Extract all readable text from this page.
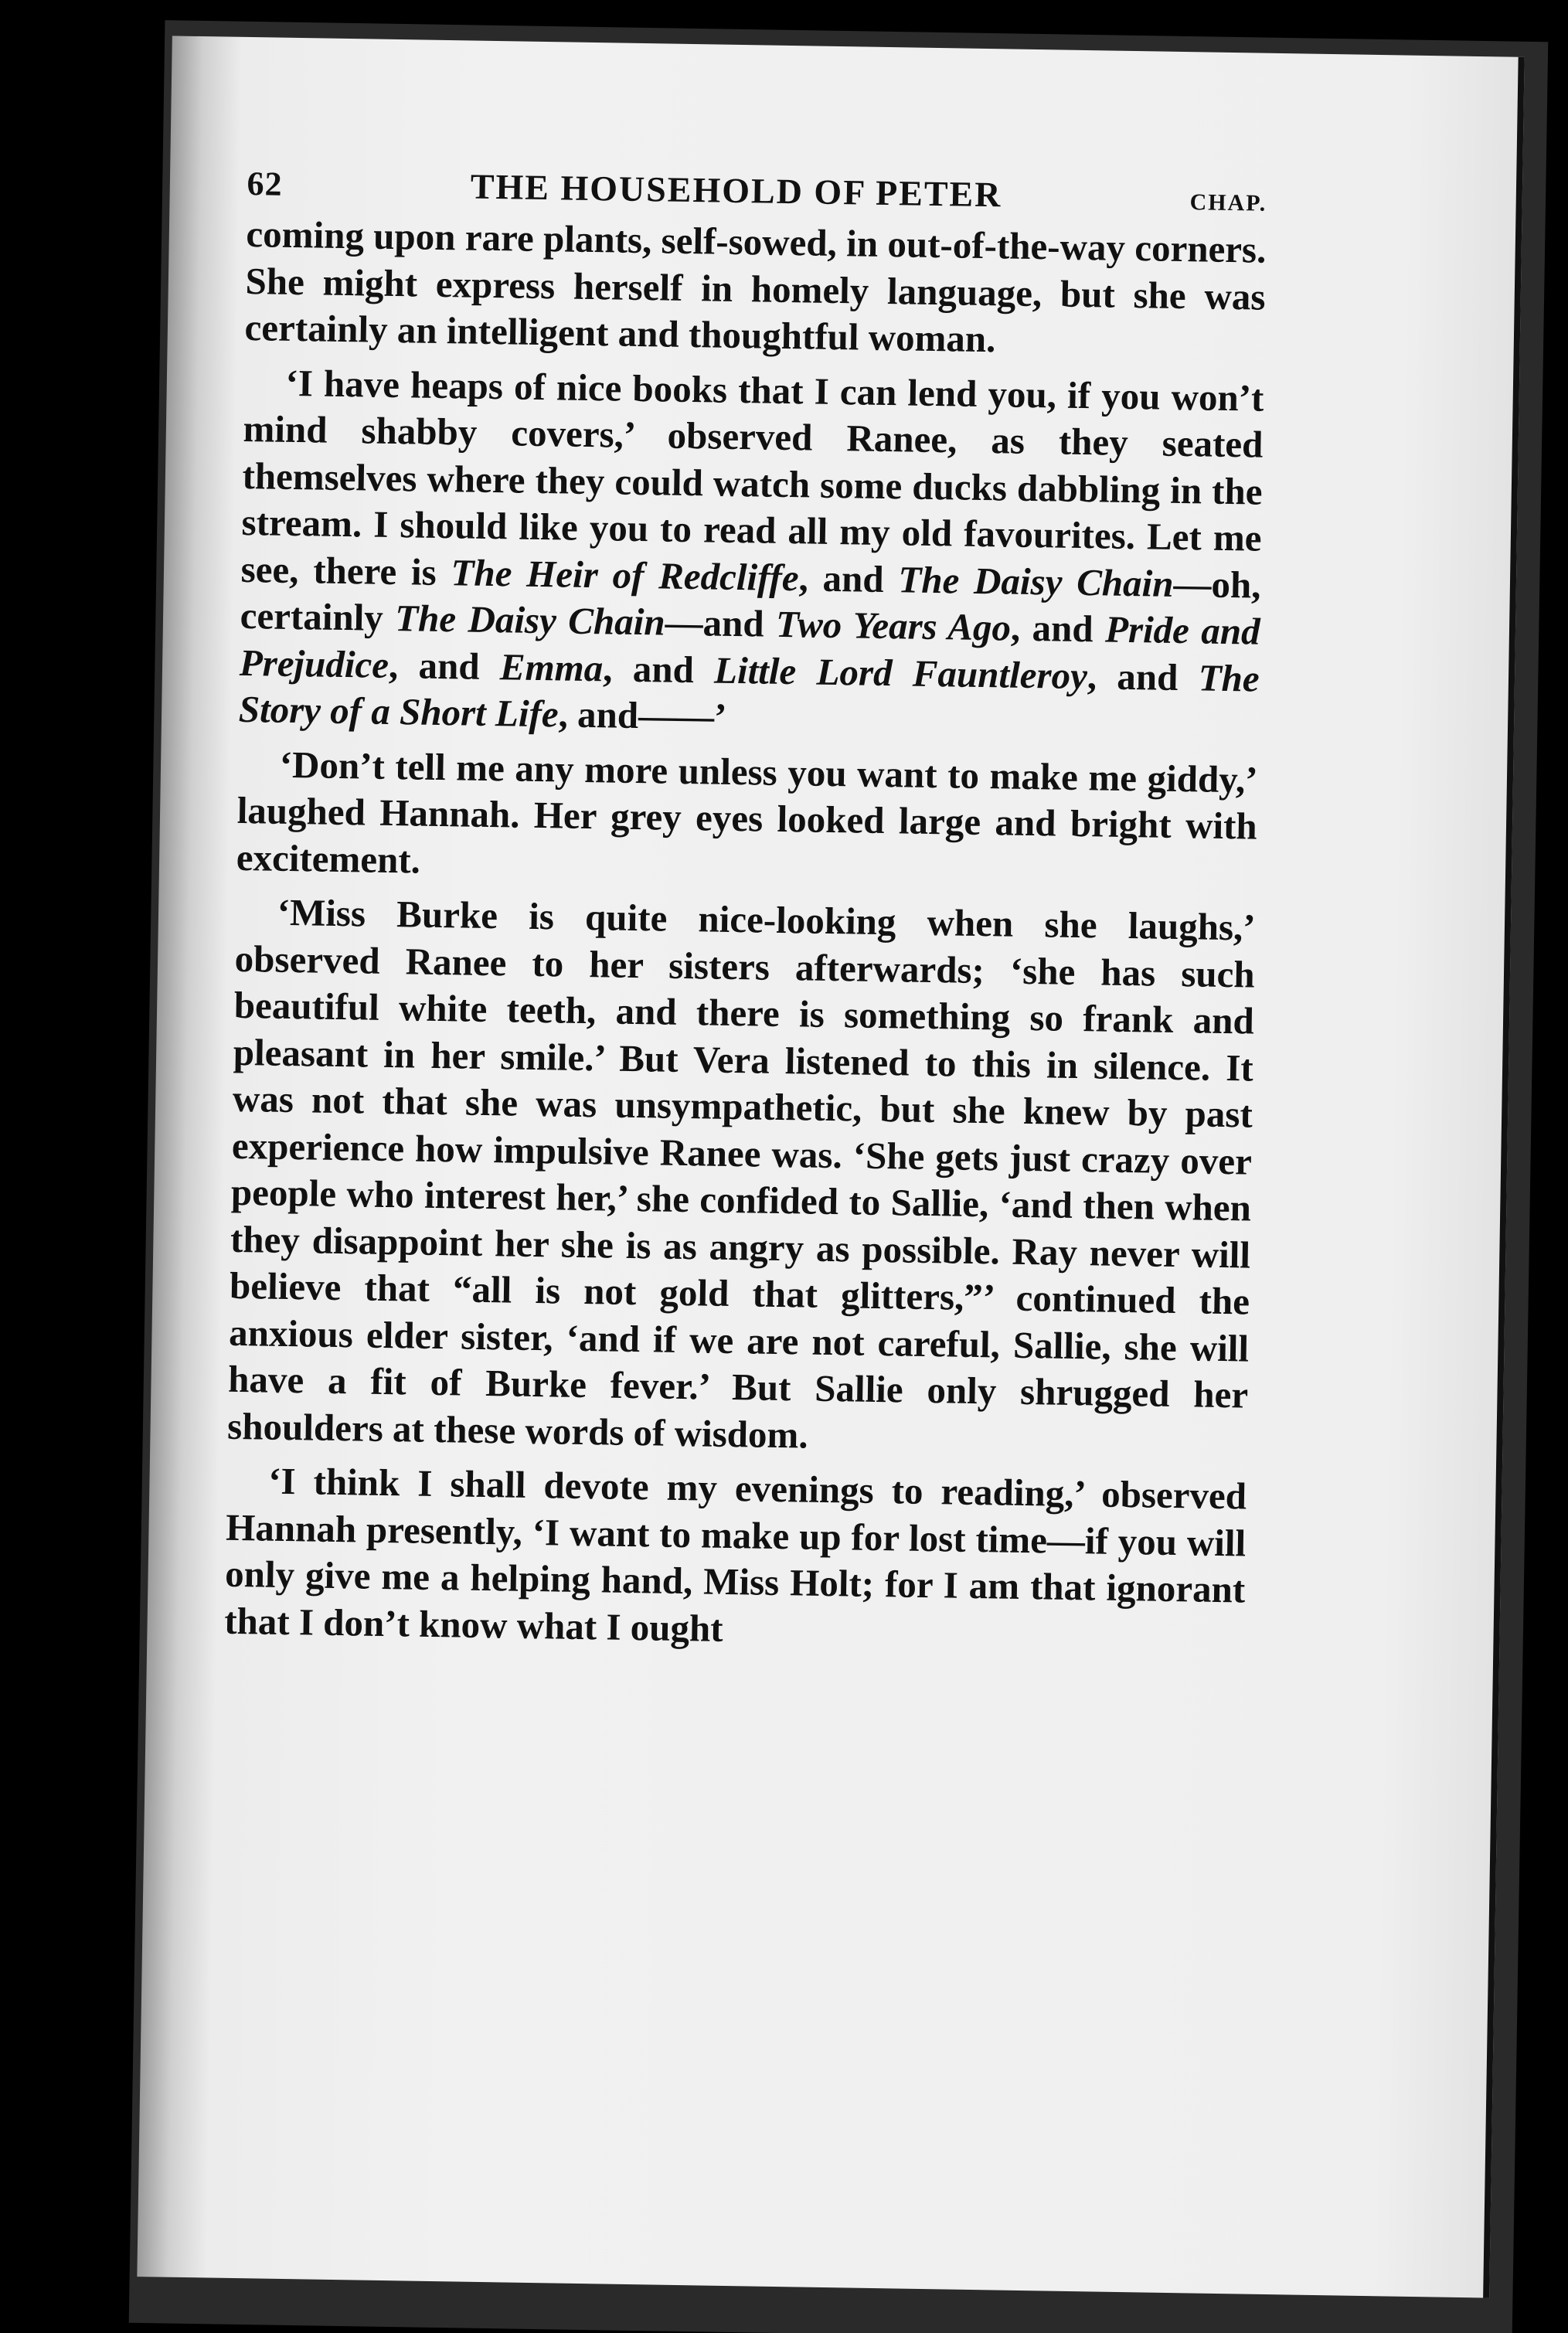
62	THE HOUSEHOLD OF PETER	CHAP.

coming upon rare plants, self-sowed, in out-of-the-way corners. She might express herself in homely language, but she was certainly an intelligent and thoughtful woman.

‘I have heaps of nice books that I can lend you, if you won’t mind shabby covers,’ observed Ranee, as they seated themselves where they could watch some ducks dabbling in the stream. I should like you to read all my old favourites. Let me see, there is The Heir of Redcliffe, and The Daisy Chain—oh, certainly The Daisy Chain—and Two Years Ago, and Pride and Prejudice, and Emma, and Little Lord Fauntleroy, and The Story of a Short Life, and——’

‘Don’t tell me any more unless you want to make me giddy,’ laughed Hannah. Her grey eyes looked large and bright with excitement.

‘Miss Burke is quite nice-looking when she laughs,’ observed Ranee to her sisters afterwards; ‘she has such beautiful white teeth, and there is something so frank and pleasant in her smile.’ But Vera listened to this in silence. It was not that she was unsympathetic, but she knew by past experience how impulsive Ranee was. ‘She gets just crazy over people who interest her,’ she confided to Sallie, ‘and then when they disappoint her she is as angry as possible. Ray never will believe that “all is not gold that glitters,”’ continued the anxious elder sister, ‘and if we are not careful, Sallie, she will have a fit of Burke fever.’ But Sallie only shrugged her shoulders at these words of wisdom.

‘I think I shall devote my evenings to reading,’ observed Hannah presently, ‘I want to make up for lost time—if you will only give me a helping hand, Miss Holt; for I am that ignorant that I don’t know what I ought
